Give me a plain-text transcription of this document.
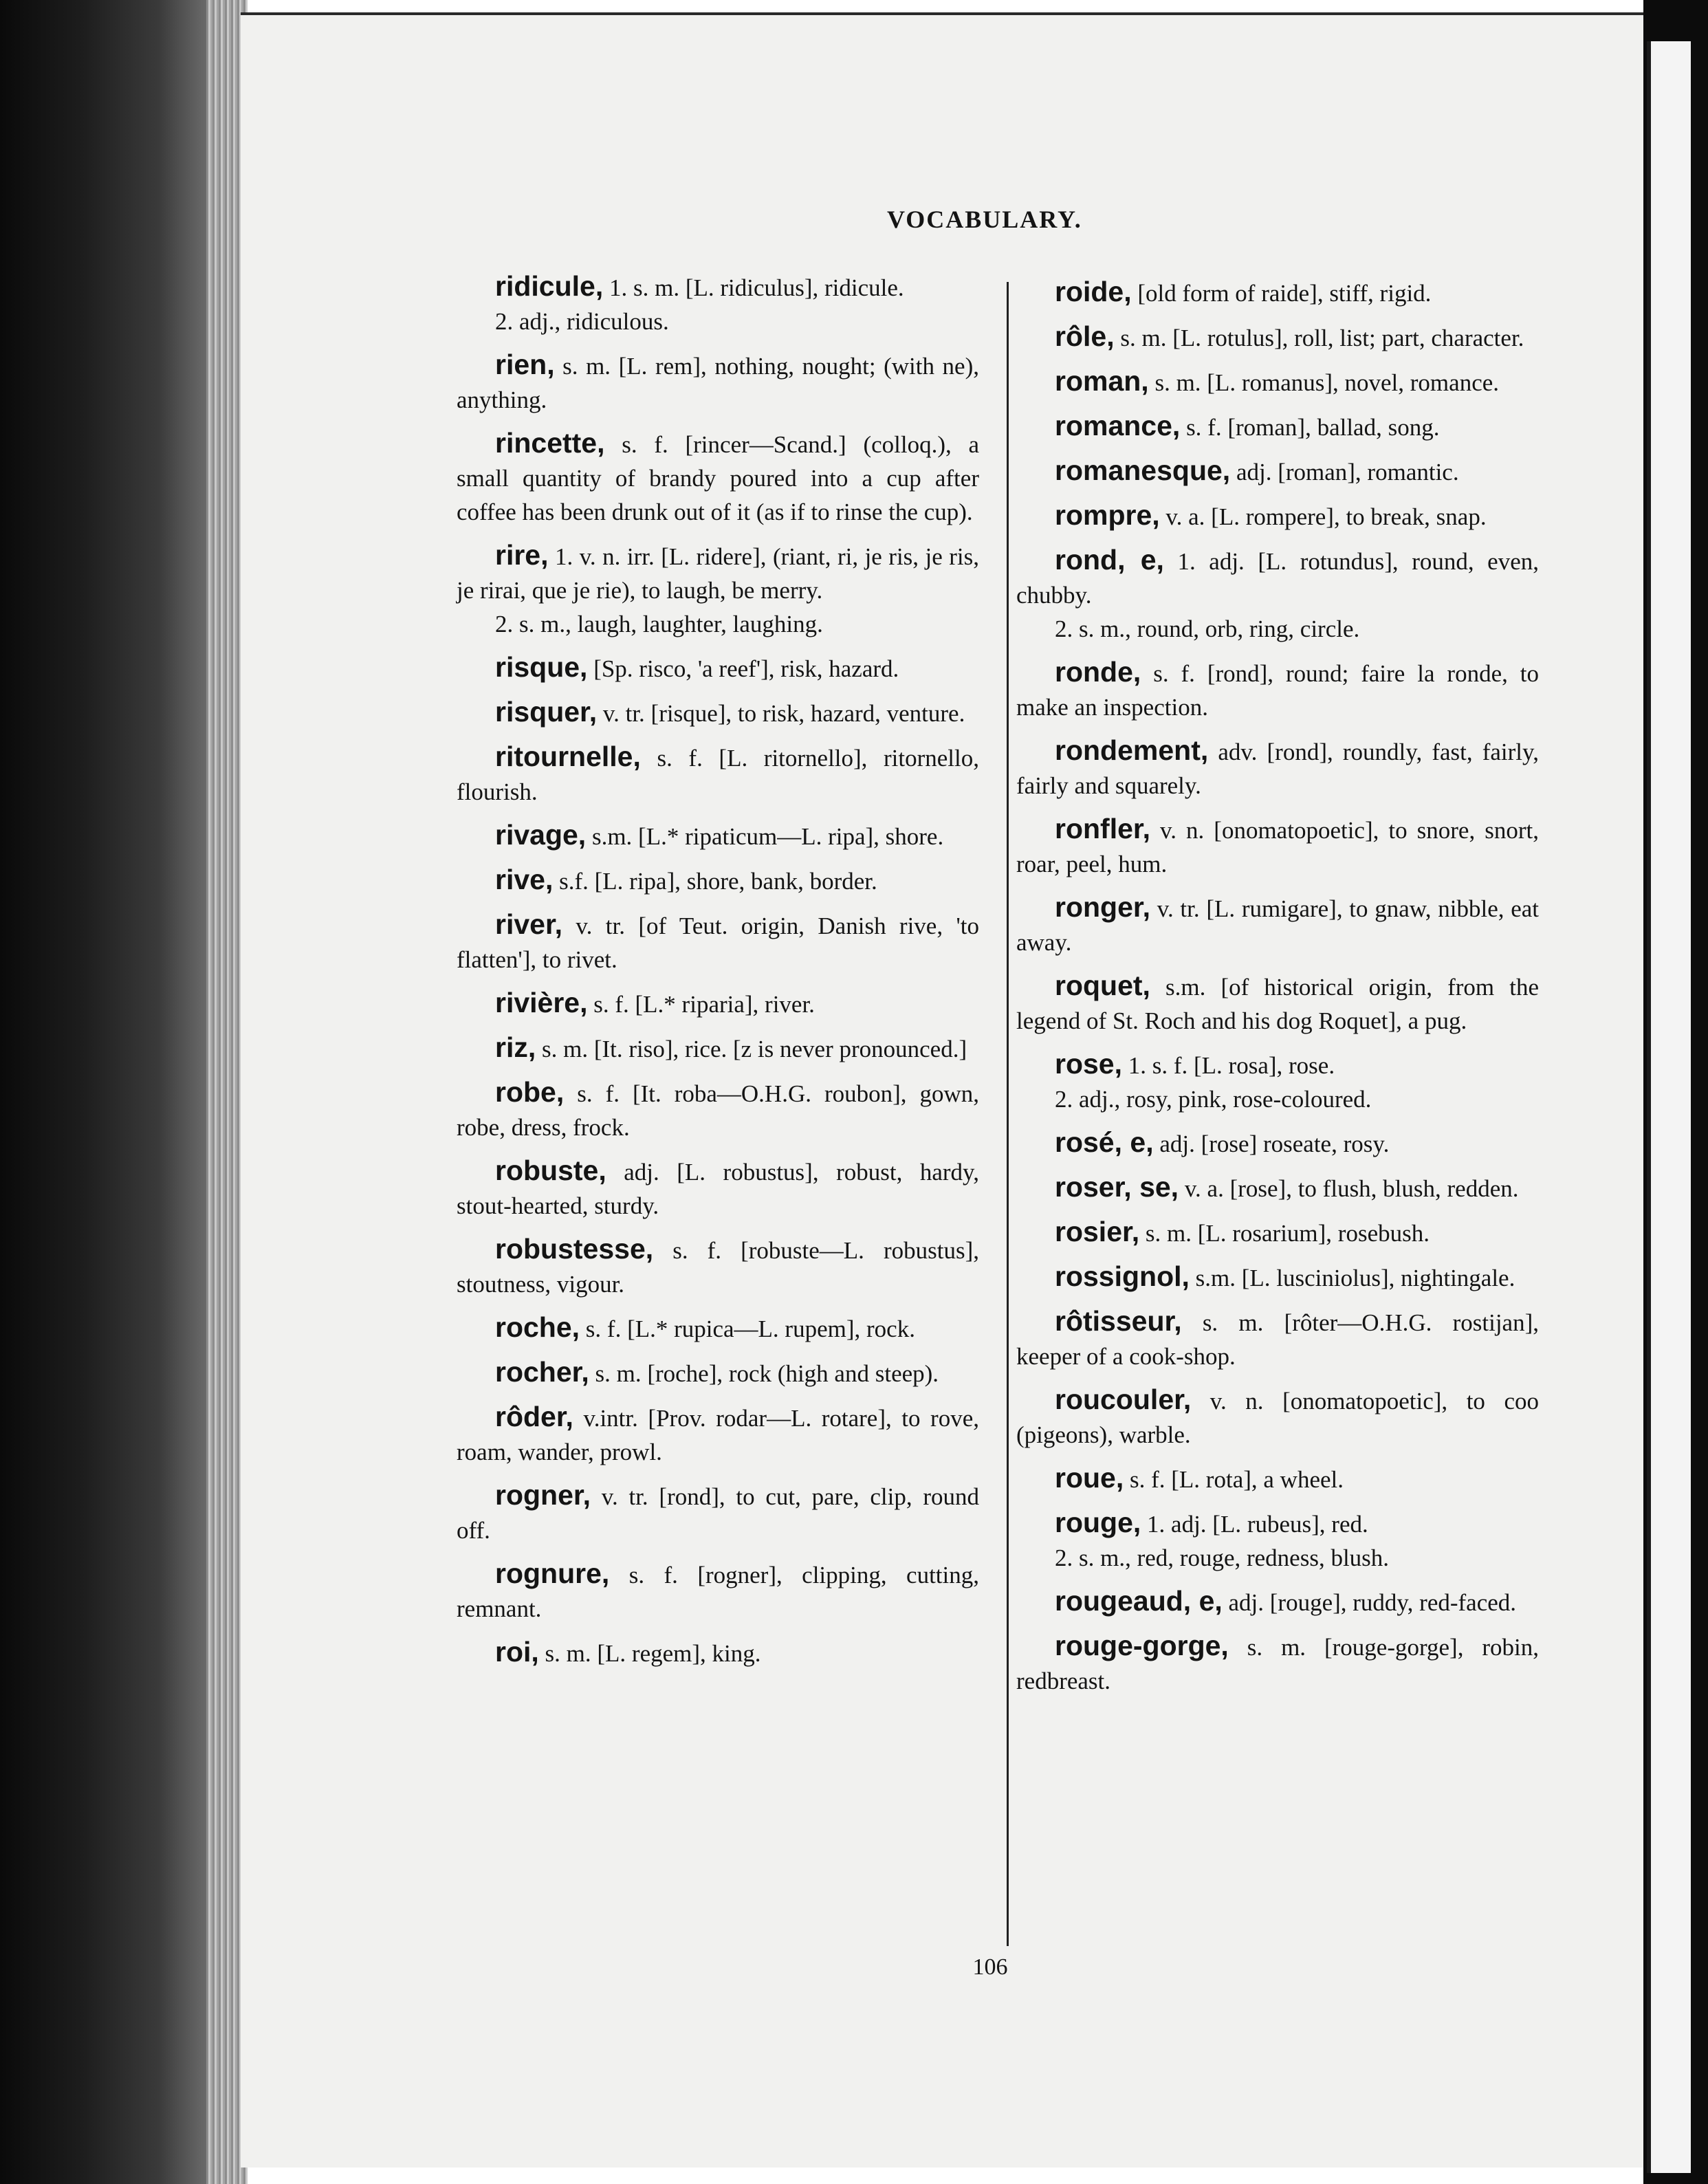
VOCABULARY.

ridicule, 1. s. m. [L. ridiculus], ridicule.
2. adj., ridiculous.

rien, s. m. [L. rem], nothing, nought; (with ne), anything.

rincette, s. f. [rincer—Scand.] (colloq.), a small quantity of brandy poured into a cup after coffee has been drunk out of it (as if to rinse the cup).

rire, 1. v. n. irr. [L. ridere], (riant, ri, je ris, je ris, je rirai, que je rie), to laugh, be merry.
2. s. m., laugh, laughter, laughing.

risque, [Sp. risco, 'a reef'], risk, hazard.

risquer, v. tr. [risque], to risk, hazard, venture.

ritournelle, s. f. [L. ritornello], ritornello, flourish.

rivage, s.m. [L.* ripaticum—L. ripa], shore.

rive, s.f. [L. ripa], shore, bank, border.

river, v. tr. [of Teut. origin, Danish rive, 'to flatten'], to rivet.

rivière, s. f. [L.* riparia], river.

riz, s. m. [It. riso], rice. [z is never pronounced.]

robe, s. f. [It. roba—O.H.G. roubon], gown, robe, dress, frock.

robuste, adj. [L. robustus], robust, hardy, stout-hearted, sturdy.

robustesse, s. f. [robuste—L. robustus], stoutness, vigour.

roche, s. f. [L.* rupica—L. rupem], rock.

rocher, s. m. [roche], rock (high and steep).

rôder, v.intr. [Prov. rodar—L. rotare], to rove, roam, wander, prowl.

rogner, v. tr. [rond], to cut, pare, clip, round off.

rognure, s. f. [rogner], clipping, cutting, remnant.

roi, s. m. [L. regem], king.

roide, [old form of raide], stiff, rigid.

rôle, s. m. [L. rotulus], roll, list; part, character.

roman, s. m. [L. romanus], novel, romance.

romance, s. f. [roman], ballad, song.

romanesque, adj. [roman], romantic.

rompre, v. a. [L. rompere], to break, snap.

rond, e, 1. adj. [L. rotundus], round, even, chubby.
2. s. m., round, orb, ring, circle.

ronde, s. f. [rond], round; faire la ronde, to make an inspection.

rondement, adv. [rond], roundly, fast, fairly, fairly and squarely.

ronfler, v. n. [onomatopoetic], to snore, snort, roar, peel, hum.

ronger, v. tr. [L. rumigare], to gnaw, nibble, eat away.

roquet, s.m. [of historical origin, from the legend of St. Roch and his dog Roquet], a pug.

rose, 1. s. f. [L. rosa], rose.
2. adj., rosy, pink, rose-coloured.

rosé, e, adj. [rose] roseate, rosy.

roser, se, v. a. [rose], to flush, blush, redden.

rosier, s. m. [L. rosarium], rosebush.

rossignol, s.m. [L. lusciniolus], nightingale.

rôtisseur, s. m. [rôter—O.H.G. rostijan], keeper of a cook-shop.

roucouler, v. n. [onomatopoetic], to coo (pigeons), warble.

roue, s. f. [L. rota], a wheel.

rouge, 1. adj. [L. rubeus], red.
2. s. m., red, rouge, redness, blush.

rougeaud, e, adj. [rouge], ruddy, red-faced.

rouge-gorge, s. m. [rouge-gorge], robin, redbreast.

106
